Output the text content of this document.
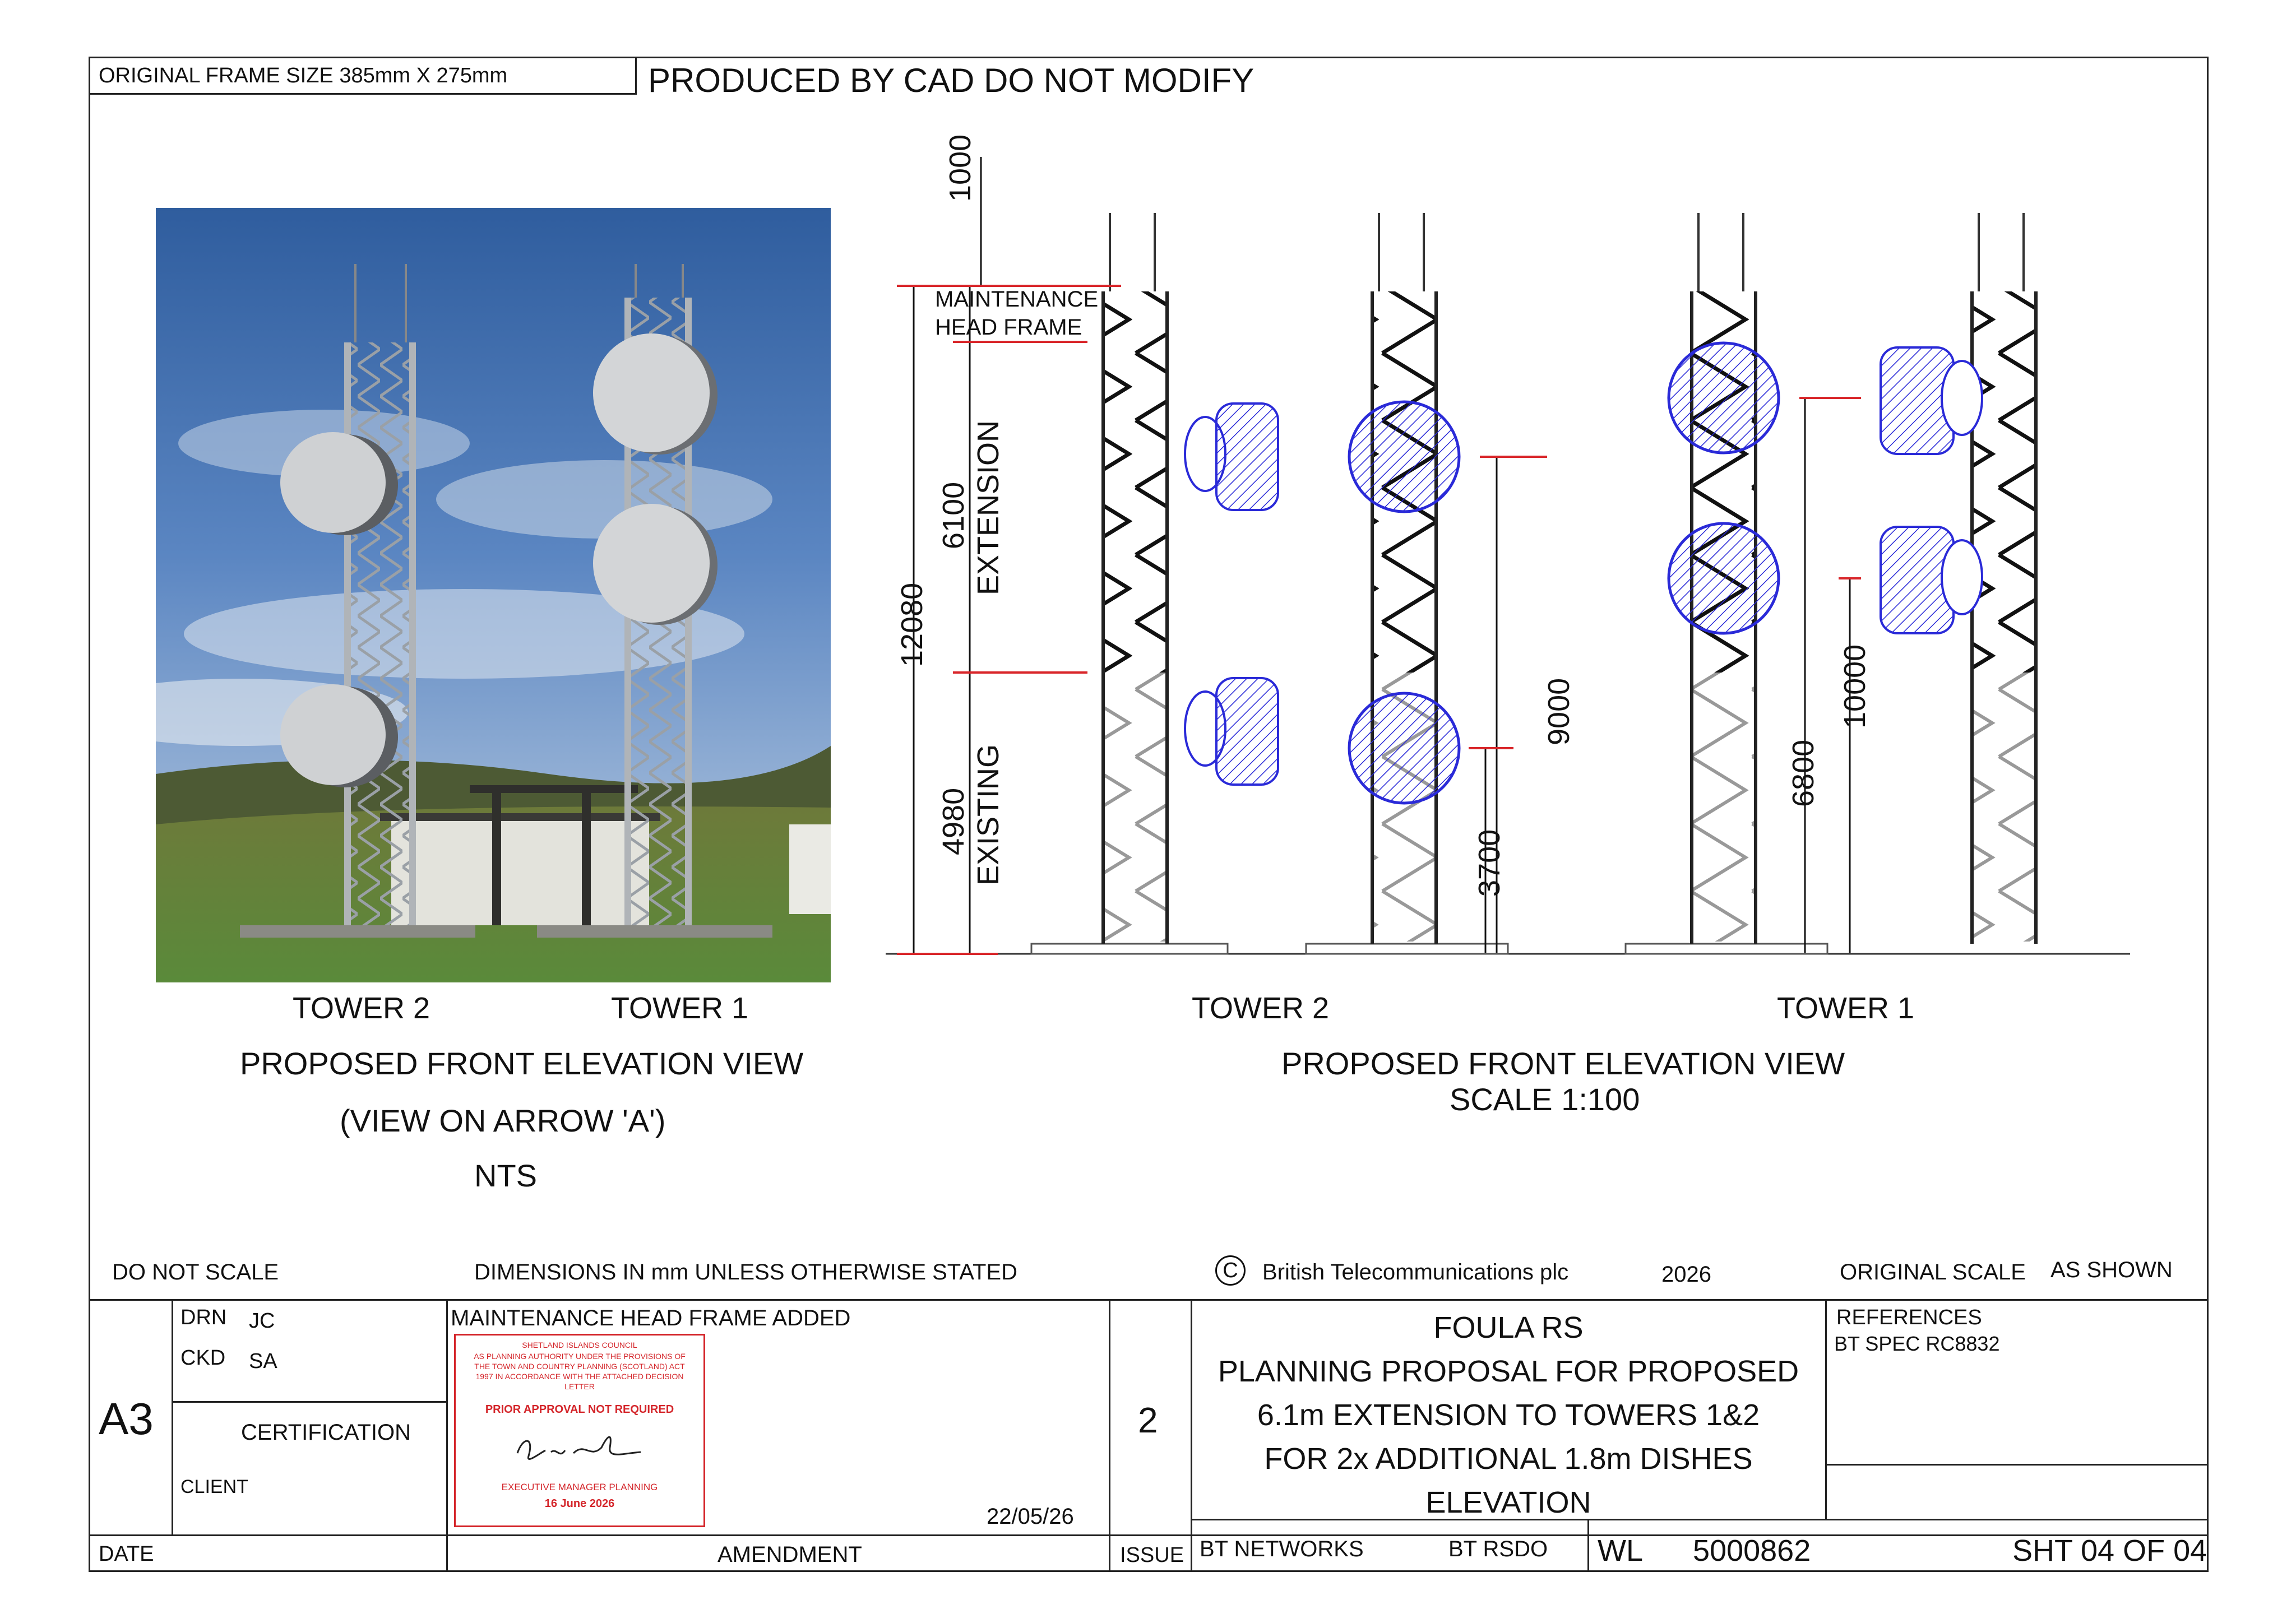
ORIGINAL FRAME SIZE 385mm X 275mm	PRODUCED BY CAD DO NOT MODIFY
TOWER 2	TOWER 1
PROPOSED FRONT ELEVATION VIEW
(VIEW ON ARROW 'A')
NTS
MAINTENANCE
HEAD FRAME
1000
6100 EXTENSION
12080
4980 EXISTING	3700
9000
6800
10000
TOWER 2	TOWER 1
PROPOSED FRONT ELEVATION VIEW
SCALE 1:100
DO NOT SCALE	DIMENSIONS IN mm UNLESS OTHERWISE STATED	C	British Telecommunications plc	2026	ORIGINAL SCALE AS SHOWN
A3
DRN JC
CKD SA
CERTIFICATION
CLIENT
MAINTENANCE HEAD FRAME ADDED
22/05/26
2
DATE	AMENDMENT	ISSUE
FOULA RS
PLANNING PROPOSAL FOR PROPOSED
6.1m EXTENSION TO TOWERS 1&2
FOR 2x ADDITIONAL 1.8m DISHES
ELEVATION
REFERENCES
BT SPEC RC8832
BT NETWORKS	BT RSDO WL 5000862	SHT 04 OF 04
SHETLAND ISLANDS COUNCIL
AS PLANNING AUTHORITY UNDER THE PROVISIONS OF
THE TOWN AND COUNTRY PLANNING (SCOTLAND) ACT
1997 IN ACCORDANCE WITH THE ATTACHED DECISION
LETTER
PRIOR APPROVAL NOT REQUIRED
EXECUTIVE MANAGER PLANNING
16 June 2026
